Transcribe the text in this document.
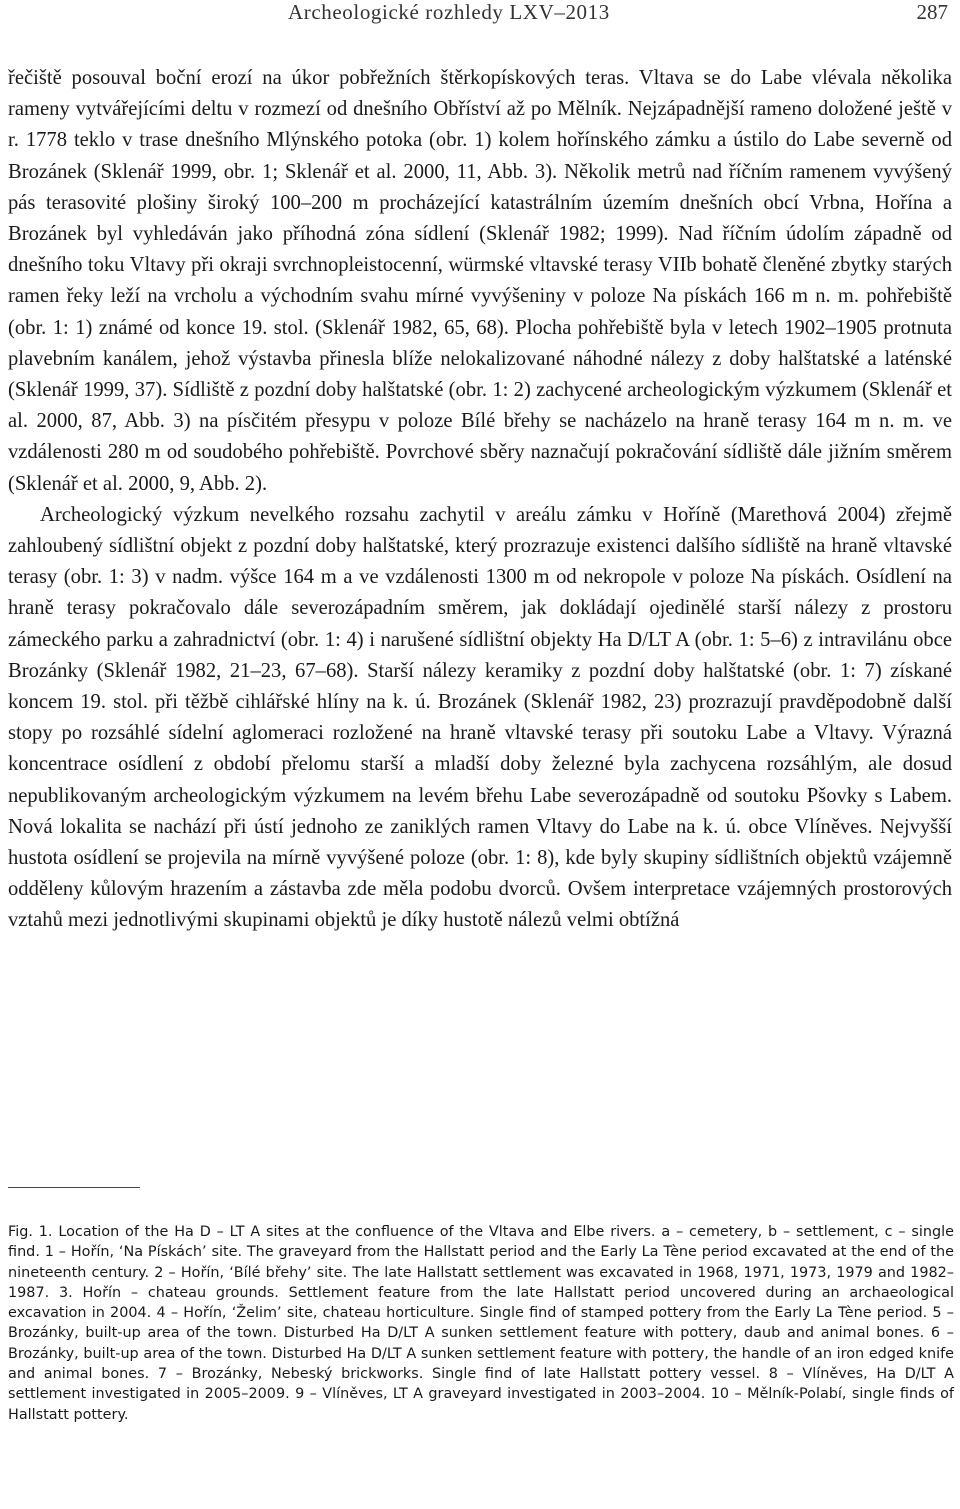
Archeologické rozhledy LXV–2013	287

řečiště posouval boční erozí na úkor pobřežních štěrkopískových teras. Vltava se do Labe vlévala několika rameny vytvářejícími deltu v rozmezí od dnešního Obříství až po Mělník. Nejzápadnější rameno doložené ještě v r. 1778 teklo v trase dnešního Mlýnského potoka (obr. 1) kolem hořínského zámku a ústilo do Labe severně od Brozánek (Sklenář 1999, obr. 1; Sklenář et al. 2000, 11, Abb. 3). Několik metrů nad říčním ramenem vyvýšený pás terasovité plošiny široký 100–200 m procházející katastrálním územím dnešních obcí Vrbna, Hořína a Brozánek byl vyhledáván jako příhodná zóna sídlení (Sklenář 1982; 1999). Nad říčním údolím západně od dnešního toku Vltavy při okraji svrchnopleistocenní, würmské vltavské terasy VIIb bohatě členěné zbytky starých ramen řeky leží na vrcholu a východním svahu mírné vyvýšeniny v poloze Na pískách 166 m n. m. pohřebiště (obr. 1: 1) známé od konce 19. stol. (Sklenář 1982, 65, 68). Plocha pohřebiště byla v letech 1902–1905 protnuta plavebním kanálem, jehož výstavba přinesla blíže nelokalizované náhodné nálezy z doby halštatské a laténské (Sklenář 1999, 37). Sídliště z pozdní doby halštatské (obr. 1: 2) zachycené archeologickým výzkumem (Sklenář et al. 2000, 87, Abb. 3) na písčitém přesypu v poloze Bílé břehy se nacházelo na hraně terasy 164 m n. m. ve vzdálenosti 280 m od soudobého pohřebiště. Povrchové sběry naznačují pokračování sídliště dále jižním směrem (Sklenář et al. 2000, 9, Abb. 2).

Archeologický výzkum nevelkého rozsahu zachytil v areálu zámku v Hoříně (Marethová 2004) zřejmě zahloubený sídlištní objekt z pozdní doby halštatské, který prozrazuje existenci dalšího sídliště na hraně vltavské terasy (obr. 1: 3) v nadm. výšce 164 m a ve vzdálenosti 1300 m od nekropole v poloze Na pískách. Osídlení na hraně terasy pokračovalo dále severozápadním směrem, jak dokládají ojedinělé starší nálezy z prostoru zámeckého parku a zahradnictví (obr. 1: 4) i narušené sídlištní objekty Ha D/LT A (obr. 1: 5–6) z intravilánu obce Brozánky (Sklenář 1982, 21–23, 67–68). Starší nálezy keramiky z pozdní doby halštatské (obr. 1: 7) získané koncem 19. stol. při těžbě cihlářské hlíny na k. ú. Brozánek (Sklenář 1982, 23) prozrazují pravděpodobně další stopy po rozsáhlé sídelní aglomeraci rozložené na hraně vltavské terasy při soutoku Labe a Vltavy. Výrazná koncentrace osídlení z období přelomu starší a mladší doby železné byla zachycena rozsáhlým, ale dosud nepublikovaným archeologickým výzkumem na levém břehu Labe severozápadně od soutoku Pšovky s Labem. Nová lokalita se nachází při ústí jednoho ze zaniklých ramen Vltavy do Labe na k. ú. obce Vlíněves. Nejvyšší hustota osídlení se projevila na mírně vyvýšené poloze (obr. 1: 8), kde byly skupiny sídlištních objektů vzájemně odděleny kůlovým hrazením a zástavba zde měla podobu dvorců. Ovšem interpretace vzájemných prostorových vztahů mezi jednotlivými skupinami objektů je díky hustotě nálezů velmi obtížná

Fig. 1. Location of the Ha D – LT A sites at the confluence of the Vltava and Elbe rivers. a – cemetery, b – settlement, c – single find. 1 – Hořín, ‘Na Pískách’ site. The graveyard from the Hallstatt period and the Early La Tène period excavated at the end of the nineteenth century. 2 – Hořín, ‘Bílé břehy’ site. The late Hallstatt settlement was excavated in 1968, 1971, 1973, 1979 and 1982–1987. 3. Hořín – chateau grounds. Settlement feature from the late Hallstatt period uncovered during an archaeological excavation in 2004. 4 – Hořín, ‘Želim’ site, chateau horticulture. Single find of stamped pottery from the Early La Tène period. 5 – Brozánky, built-up area of the town. Disturbed Ha D/LT A sunken settlement feature with pottery, daub and animal bones. 6 – Brozánky, built-up area of the town. Disturbed Ha D/LT A sunken settlement feature with pottery, the handle of an iron edged knife and animal bones. 7 – Brozánky, Nebeský brickworks. Single find of late Hallstatt pottery vessel. 8 – Vlíněves, Ha D/LT A settlement investigated in 2005–2009. 9 – Vlíněves, LT A graveyard investigated in 2003–2004. 10 – Mělník-Polabí, single finds of Hallstatt pottery.
